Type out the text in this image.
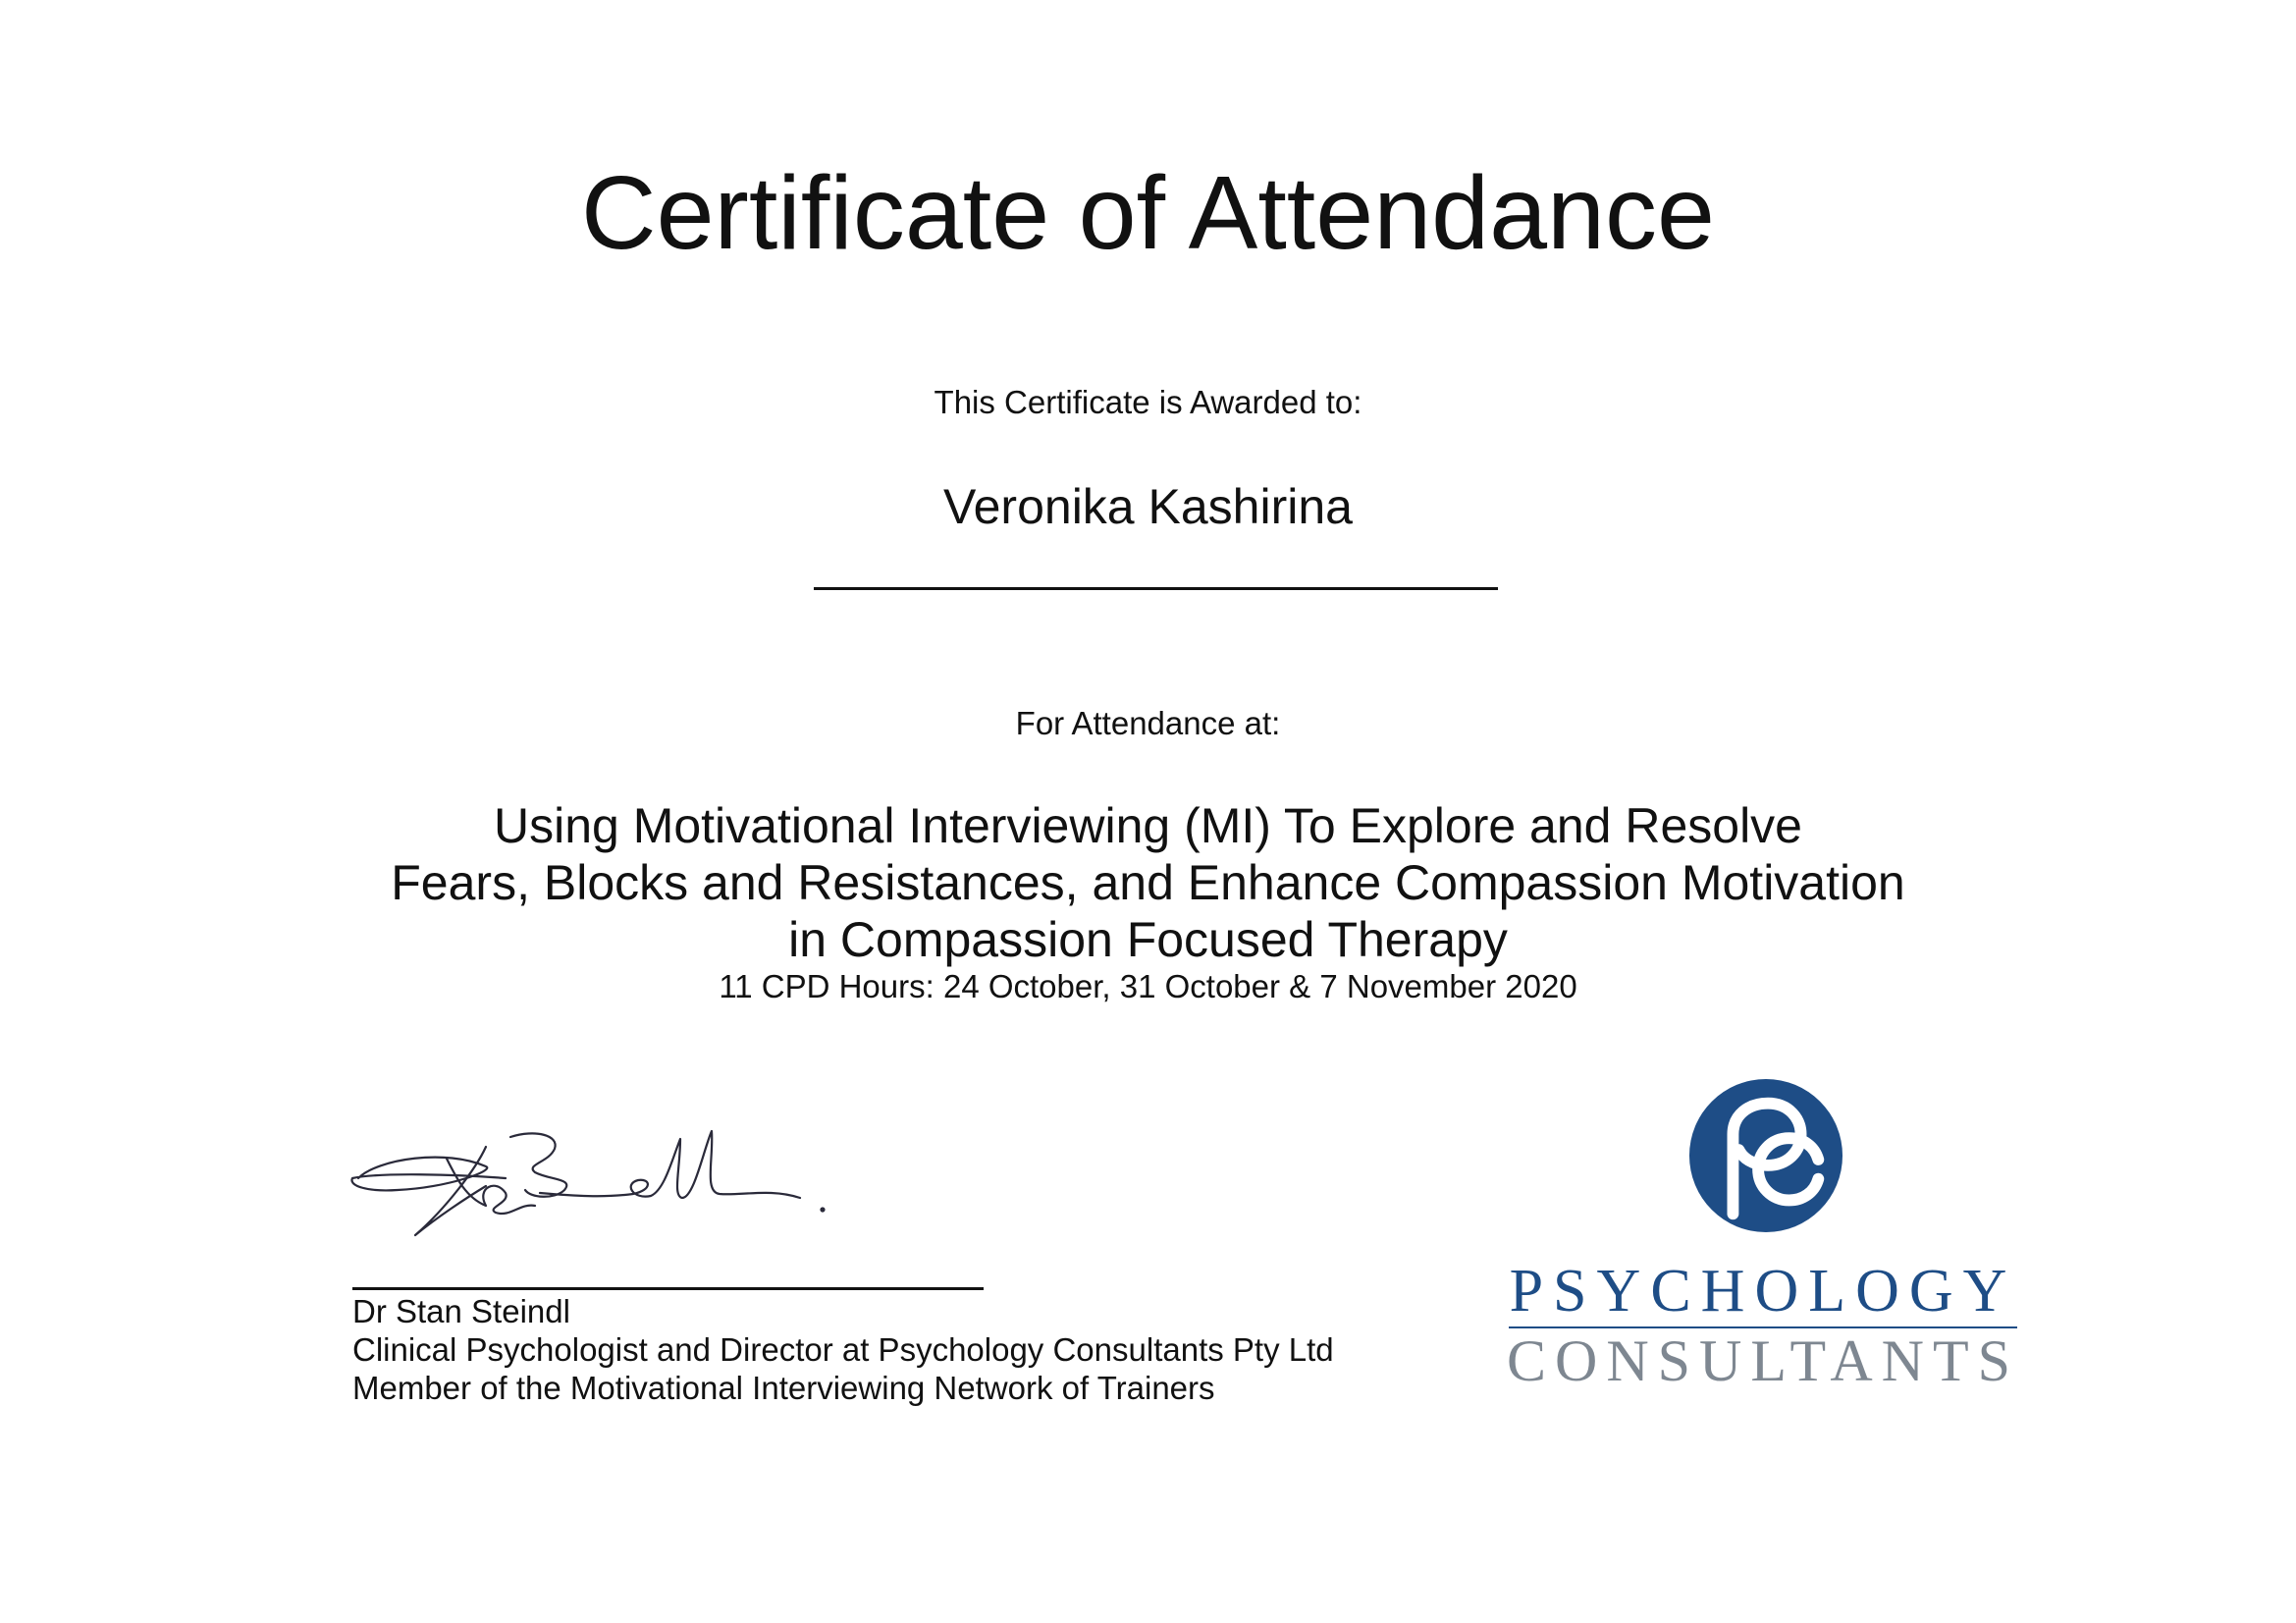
Certificate of Attendance
This Certificate is Awarded to:
Veronika Kashirina
For Attendance at:
Using Motivational Interviewing (MI) To Explore and Resolve
Fears, Blocks and Resistances, and Enhance Compassion Motivation
in Compassion Focused Therapy
11 CPD Hours: 24 October, 31 October & 7 November 2020
Dr Stan Steindl
Clinical Psychologist and Director at Psychology Consultants Pty Ltd
Member of the Motivational Interviewing Network of Trainers
PSYCHOLOGY
CONSULTANTS
